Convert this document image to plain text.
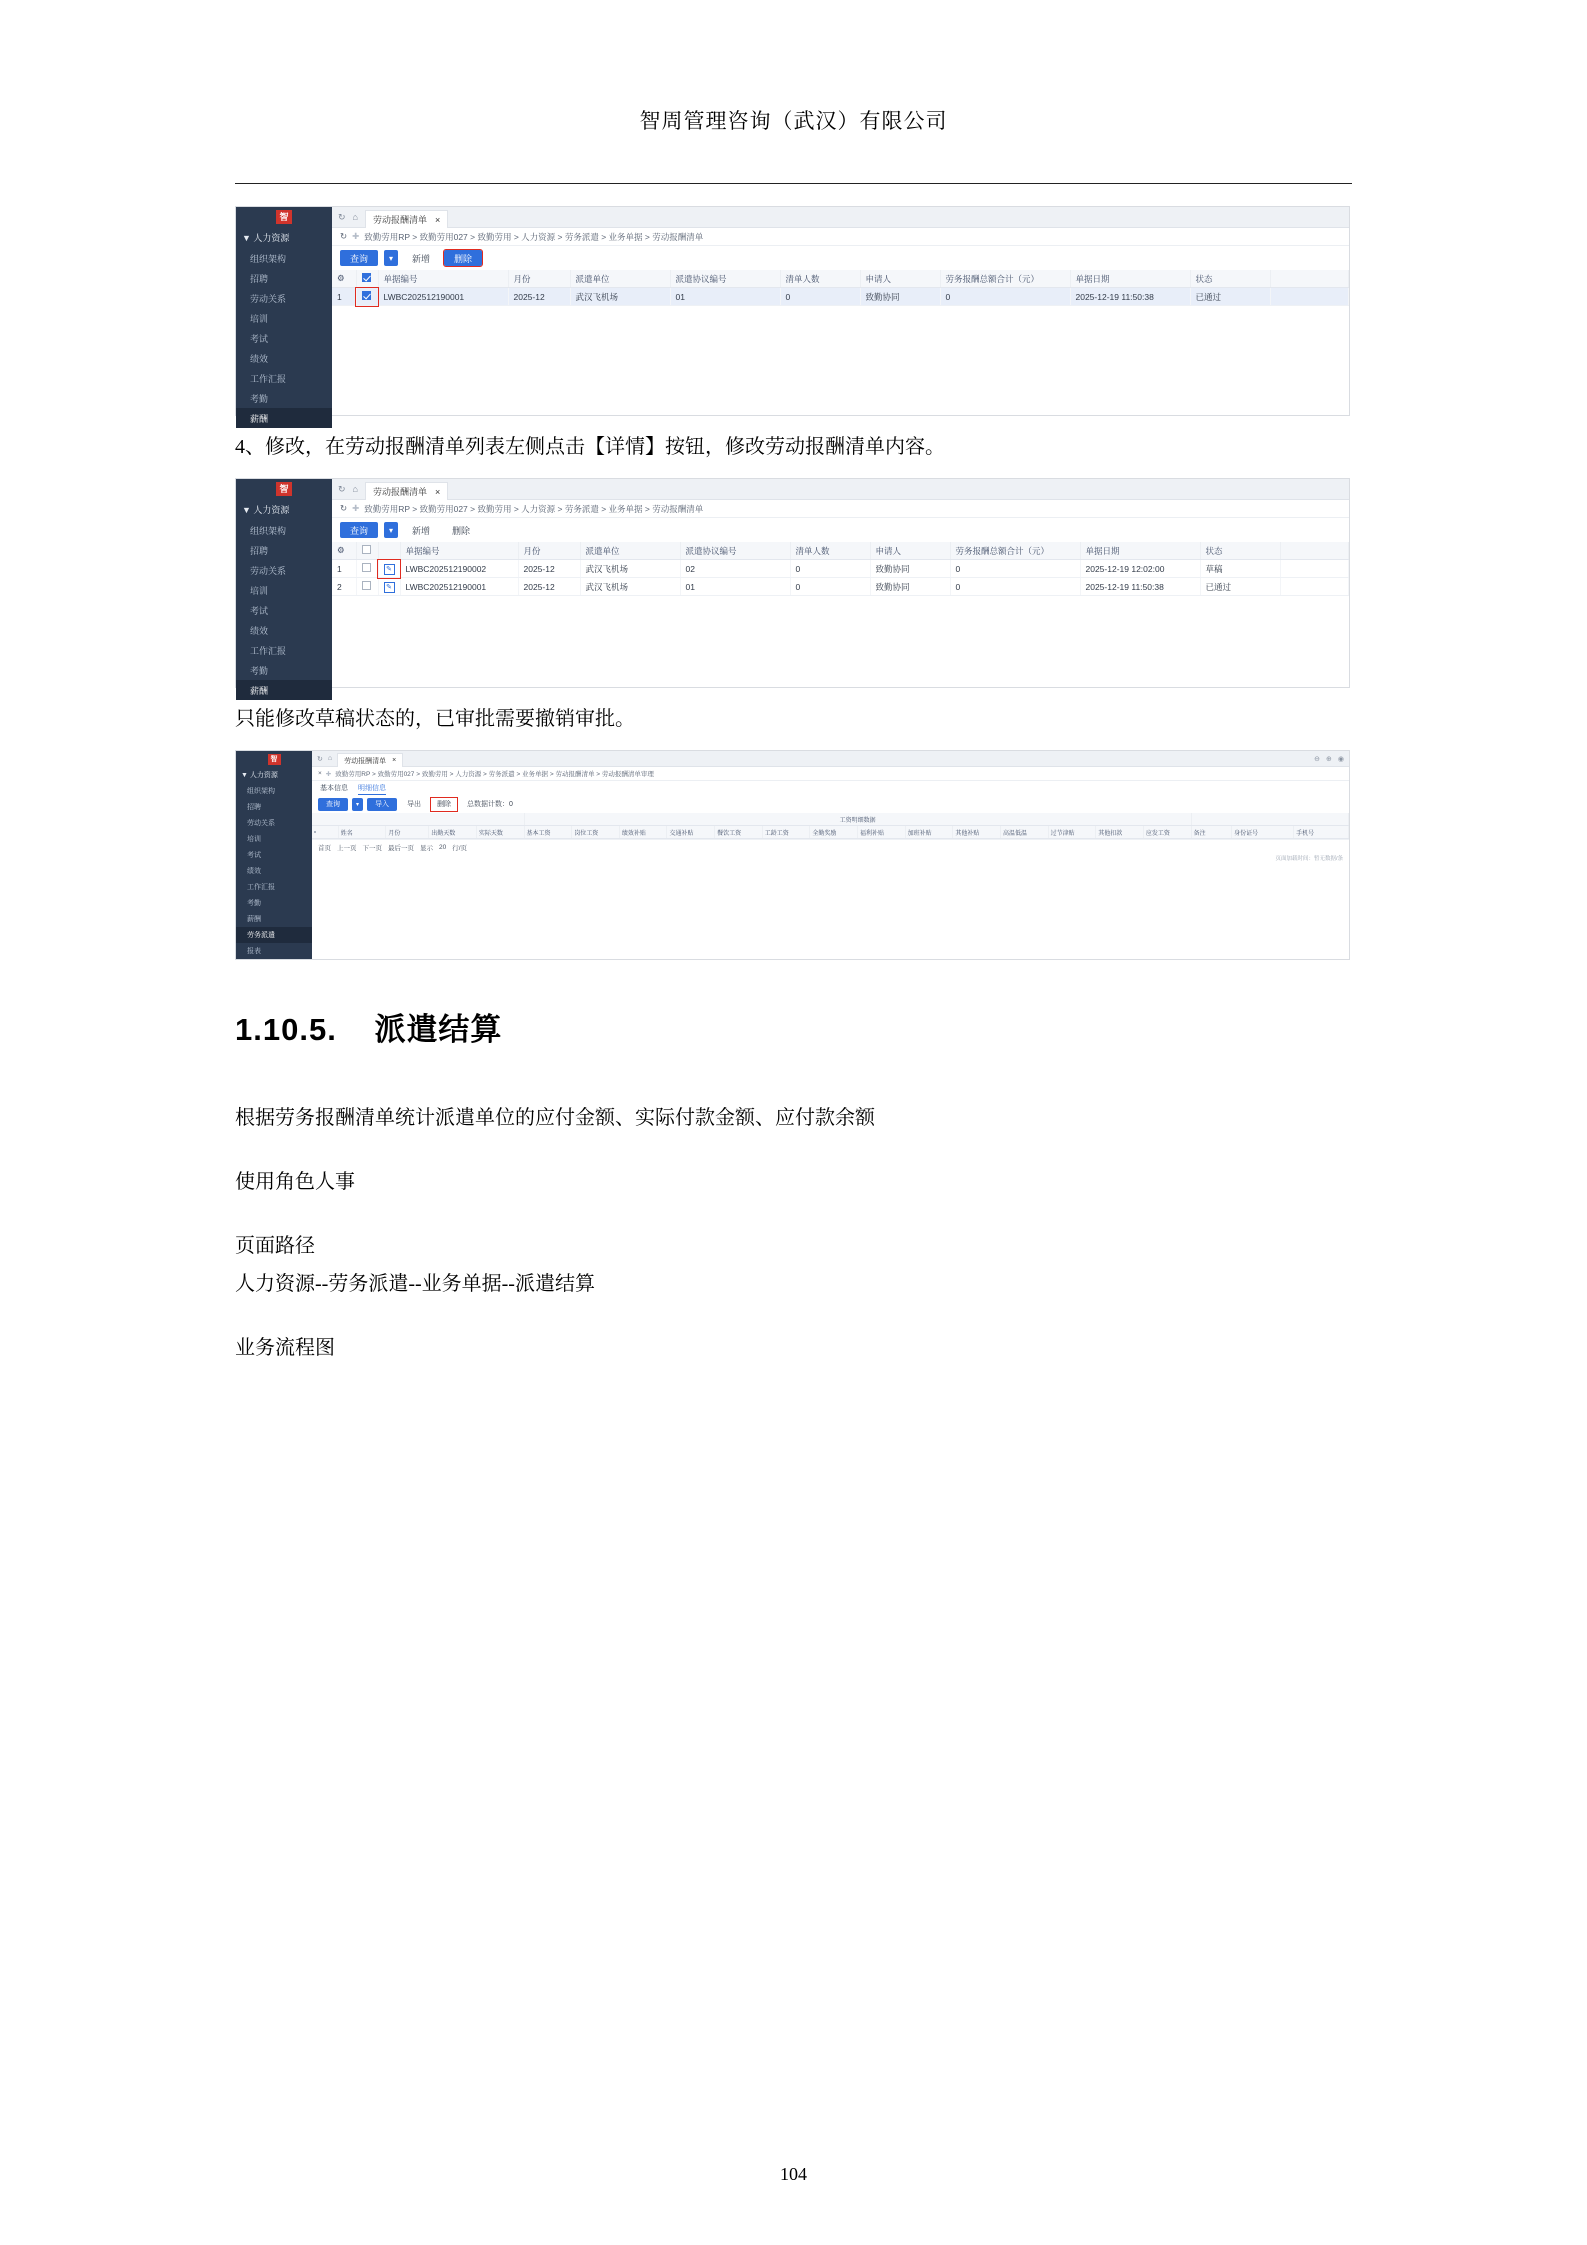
智周管理咨询（武汉）有限公司
智
▼ 人力资源
组织架构
招聘
劳动关系
培训
考试
绩效
工作汇报
考勤
薪酬
↻ ⌂ 劳动报酬清单 ×
↻ ✚ 致勤劳用RP > 致勤劳用027 > 致勤劳用 > 人力资源 > 劳务派遣 > 业务单据 > 劳动报酬清单
查询	▾	新增	删除
⚙		单据编号	月份	派遣单位	派遣协议编号	清单人数	申请人	劳务报酬总额合计（元）	单据日期	状态	
1		LWBC202512190001	2025-12	武汉飞机场	01	0	致勤协同	0	2025-12-19 11:50:38	已通过	

4、修改，在劳动报酬清单列表左侧点击【详情】按钮，修改劳动报酬清单内容。

智
▼ 人力资源
组织架构
招聘
劳动关系
培训
考试
绩效
工作汇报
考勤
薪酬
↻ ⌂ 劳动报酬清单 ×
↻ ✚ 致勤劳用RP > 致勤劳用027 > 致勤劳用 > 人力资源 > 劳务派遣 > 业务单据 > 劳动报酬清单
查询	▾	新增	删除
⚙			单据编号	月份	派遣单位	派遣协议编号	清单人数	申请人	劳务报酬总额合计（元）	单据日期	状态	
1		✎	LWBC202512190002	2025-12	武汉飞机场	02	0	致勤协同	0	2025-12-19 12:02:00	草稿	
2		✎	LWBC202512190001	2025-12	武汉飞机场	01	0	致勤协同	0	2025-12-19 11:50:38	已通过	

只能修改草稿状态的，已审批需要撤销审批。

智
▼ 人力资源
组织架构
招聘
劳动关系
培训
考试
绩效
工作汇报
考勤
薪酬
劳务派遣
报表
↻ ⌂ 劳动报酬清单 ×	⊖ ⊕ ◉
× ✚ 致勤劳用RP > 致勤劳用027 > 致勤劳用 > 人力资源 > 劳务派遣 > 业务单据 > 劳动报酬清单 > 劳动报酬清单审理
基本信息 明细信息
查询	▾	导入	导出	删除	总数据计数：0
					工资明细数据																
	姓名	月份	出勤天数	实际天数	基本工资	岗位工资	绩效补贴	交通补贴	餐饮工资	工龄工资	全勤奖励	福利补贴	加班补贴	其他补贴	高温低温	过节津贴	其他扣款	应发工资	备注	身份证号	手机号
首页 上一页 下一页 最后一页 显示 20 行/页
页面加载时间：暂无数据/条
1.10.5. 派遣结算

根据劳务报酬清单统计派遣单位的应付金额、实际付款金额、应付款余额

使用角色人事

页面路径

人力资源--劳务派遣--业务单据--派遣结算

业务流程图

104
